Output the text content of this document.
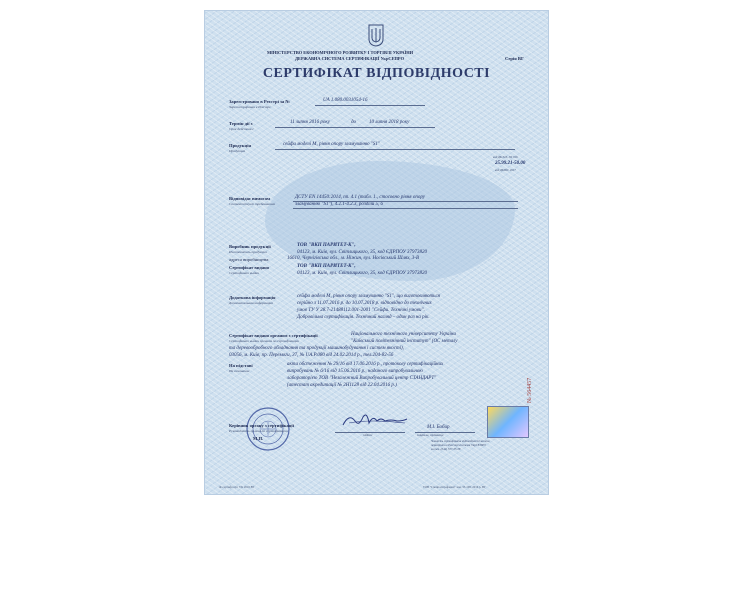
МІНІСТЕРСТВО ЕКОНОМІЧНОГО РОЗВИТКУ І ТОРГІВЛІ УКРАЇНИ
ДЕРЖАВНА СИСТЕМА СЕРТИФІКАЦІЇ УкрСЕПРО	Серія ВГ
СЕРТИФІКАТ ВІДПОВІДНОСТІ
Зареєстровано в Реєстрі за №
Зарегистрирован в Реестре
UA 1.080.0031054-16
Термін дії з
Срок действия с
11 липня 2016 року	до	10 липня 2018 року
Продукція
Продукция
сейфи моделі М, рівня опору зламуванню "S1"
код ДК 016, ГК 016
25.99.21-50.00
код ДКПП, 2017
Відповідає вимогам
Соответствует требованиям
ДСТУ EN 14450:2014, пп. 4.1 (табл. 1., стосовно рівня опору
зламуванню "S1"), 4.2.1-4.2.3, розділи 5, 6
Виробник продукції
Изготовитель продукции
ТОВ "ВКП ПАРИТЕТ-К",
04123, м. Київ, вул. Світлицького, 35, код ЄДРПОУ 37973820
адреса виробництва:	16610, Чернігівська обл., м. Ніжин, вул. Носівський Шлях, 3-В
Сертифікат видано
Сертификат выдан
ТОВ "ВКП ПАРИТЕТ-К",
04123, м. Київ, вул. Світлицького, 35, код ЄДРПОУ 37973820
Додаткова інформація
Дополнительная информация
сейфи моделі М, рівня опору зламуванню "S1", що виготовляються
серійно з 11.07.2016 р. до 10.07.2018 р. відповідно до технічних
умов ТУ У 28.7-21488112.001-2001 "Сейфи. Технічні умови".
Добровільна сертифікація. Технічний нагляд – один раз на рік.
Сертифікат видано органом з сертифікації
Сертификат выдан органом по сертификации
Національного технічного університету України
"Київський політехнічний інститут" (ОС металу
та деревообробного обладнання та продукції машинобудування і систем якості),
03056, м. Київ, пр. Перемоги, 37, № UA.Р.080 від 24.02.2014 р., тел.204-82-56
На підставі
На основании
акта обстеження № 29/16 від 17.06.2016 р., протоколу сертифікаційних
випробувань № 6/16 від 15.06.2016 р., наданого випробувальною
лабораторією ТОВ "Незалежний Випробувальний центр СТАНДАРТ"
(атестат акредитації № 2Н1128 від 22.04.2016 р.)
Керівник органу з сертифікації
Руководитель органа по сертификации
М.П.
підпис
М.І. Бобир
ініціали, прізвище
Чинність сертифіката відповідності можна
перевірити в Реєстрі системи УкрСЕПРО
за тел. (044) 537-35-38
№ 564457
Ф-сертиф/серт. УК 2016 ВГ	ТОВ "Спецполіграфмаш" зам. 33-108. 2016 р. ВГ
